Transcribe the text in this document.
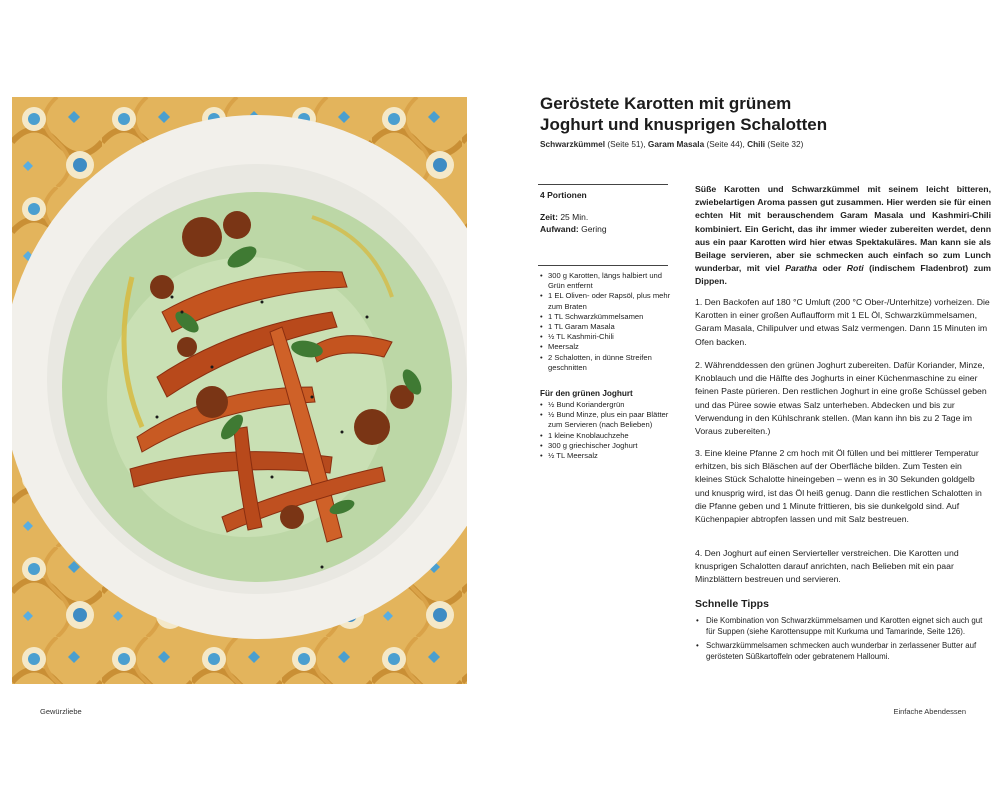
Geröstete Karotten mit grünem
Joghurt und knusprigen Schalotten
Schwarzkümmel (Seite 51), Garam Masala (Seite 44), Chili (Seite 32)
4 Portionen
Zeit: 25 Min.
Aufwand: Gering
• 300 g Karotten, längs halbiert und Grün entfernt
• 1 EL Oliven- oder Rapsöl, plus mehr zum Braten
• 1 TL Schwarzkümmelsamen
• 1 TL Garam Masala
• ½ TL Kashmiri-Chili
• Meersalz
• 2 Schalotten, in dünne Streifen geschnitten
Für den grünen Joghurt
• ½ Bund Koriandergrün
• ½ Bund Minze, plus ein paar Blätter zum Servieren (nach Belieben)
• 1 kleine Knoblauchzehe
• 300 g griechischer Joghurt
• ½ TL Meersalz

Süße Karotten und Schwarzkümmel mit seinem leicht bitteren, zwiebelartigen Aroma passen gut zusammen. Hier werden sie für einen echten Hit mit berauschendem Garam Masala und Kashmiri-Chili kombiniert. Ein Gericht, das ihr immer wieder zubereiten werdet, denn aus ein paar Karotten wird hier etwas Spektakuläres. Man kann sie als Beilage servieren, aber sie schmecken auch einfach so zum Lunch wunderbar, mit viel Paratha oder Roti (indischem Fladenbrot) zum Dippen.

1. Den Backofen auf 180 °C Umluft (200 °C Ober-/Unterhitze) vorheizen. Die Karotten in einer großen Auflaufform mit 1 EL Öl, Schwarzkümmelsamen, Garam Masala, Chilipulver und etwas Salz vermengen. Dann 15 Minuten im Ofen backen.

2. Währenddessen den grünen Joghurt zubereiten. Dafür Koriander, Minze, Knoblauch und die Hälfte des Joghurts in einer Küchenmaschine zu einer feinen Paste pürieren. Den restlichen Joghurt in eine große Schüssel geben und das Püree sowie etwas Salz unterheben. Abdecken und bis zur Verwendung in den Kühlschrank stellen. (Man kann ihn bis zu 2 Tage im Voraus zubereiten.)

3. Eine kleine Pfanne 2 cm hoch mit Öl füllen und bei mittlerer Temperatur erhitzen, bis sich Bläschen auf der Oberfläche bilden. Zum Testen ein kleines Stück Schalotte hineingeben – wenn es in 30 Sekunden goldgelb und knusprig wird, ist das Öl heiß genug. Dann die restlichen Schalotten in die Pfanne geben und 1 Minute frittieren, bis sie dunkelgold sind. Auf Küchenpapier abtropfen lassen und mit Salz bestreuen.

4. Den Joghurt auf einen Servierteller verstreichen. Die Karotten und knusprigen Schalotten darauf anrichten, nach Belieben mit ein paar Minzblättern bestreuen und servieren.

Schnelle Tipps
• Die Kombination von Schwarzkümmelsamen und Karotten eignet sich auch gut für Suppen (siehe Karottensuppe mit Kurkuma und Tamarinde, Seite 126).
• Schwarzkümmelsamen schmecken auch wunderbar in zerlassener Butter auf gerösteten Süßkartoffeln oder gebratenem Halloumi.
Gewürzliebe	Einfache Abendessen
